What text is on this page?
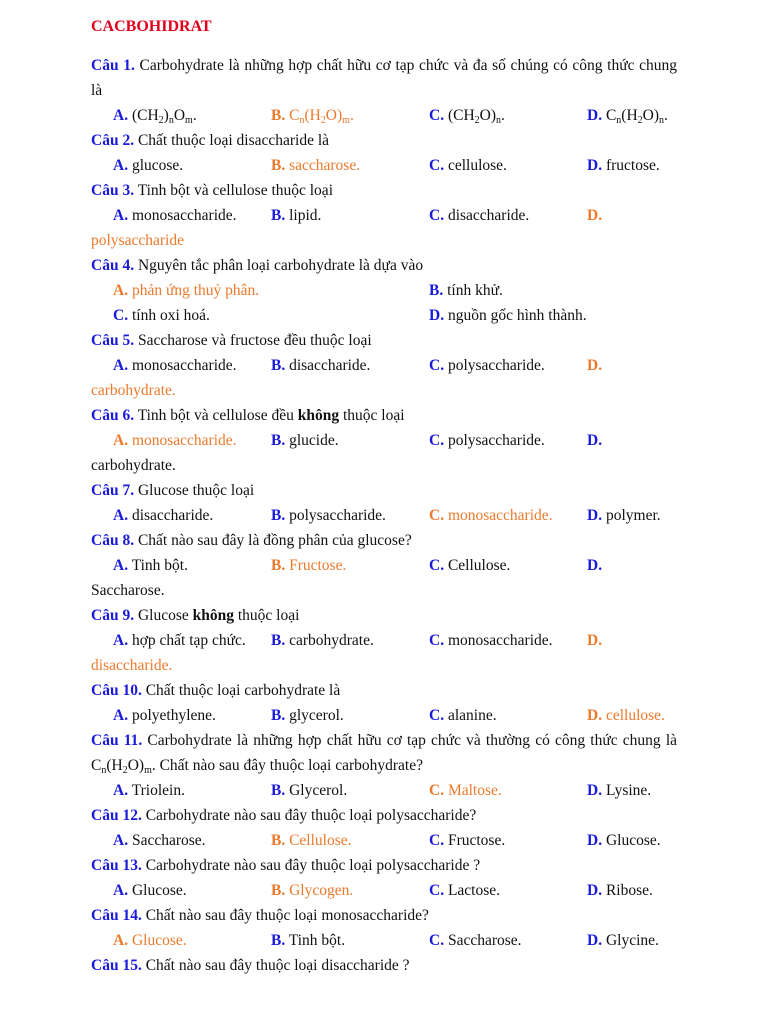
CACBOHIDRAT
Câu 1. Carbohydrate là những hợp chất hữu cơ tạp chức và đa số chúng có công thức chung là
A. $(CH_2)_nO_m$.	B. $C_n(H_2O)_m$.	C. $(CH_2O)_n$.	D. $C_n(H_2O)_n$.
Câu 2. Chất thuộc loại disaccharide là
A. glucose.	B. saccharose.	C. cellulose.	D. fructose.
Câu 3. Tinh bột và cellulose thuộc loại
A. monosaccharide. B. lipid.	C. disaccharide.	D.
polysaccharide
Câu 4. Nguyên tắc phân loại carbohydrate là dựa vào
A. phản ứng thuỷ phân.	B. tính khử.
C. tính oxi hoá.	D. nguồn gốc hình thành.
Câu 5. Saccharose và fructose đều thuộc loại
A. monosaccharide. B. disaccharide.	C. polysaccharide.	D.
carbohydrate.
Câu 6. Tinh bột và cellulose đều không thuộc loại
A. monosaccharide. B. glucide.	C. polysaccharide.	D.
carbohydrate.
Câu 7. Glucose thuộc loại
A. disaccharide.	B. polysaccharide.	C. monosaccharide. D. polymer.
Câu 8. Chất nào sau đây là đồng phân của glucose?
A. Tinh bột.	B. Fructose.	C. Cellulose.	D.
Saccharose.
Câu 9. Glucose không thuộc loại
A. hợp chất tạp chức. B. carbohydrate.	C. monosaccharide. D.
disaccharide.
Câu 10. Chất thuộc loại carbohydrate là
A. polyethylene.	B. glycerol.	C. alanine.	D. cellulose.
Câu 11. Carbohydrate là những hợp chất hữu cơ tạp chức và thường có công thức chung là $C_n(H_2O)_m$. Chất nào sau đây thuộc loại carbohydrate?
A. Triolein.	B. Glycerol.	C. Maltose.	D. Lysine.
Câu 12. Carbohydrate nào sau đây thuộc loại polysaccharide?
A. Saccharose.	B. Cellulose.	C. Fructose.	D. Glucose.
Câu 13. Carbohydrate nào sau đây thuộc loại polysaccharide ?
A. Glucose.	B. Glycogen.	C. Lactose.	D. Ribose.
Câu 14. Chất nào sau đây thuộc loại monosaccharide?
A. Glucose.	B. Tinh bột.	C. Saccharose.	D. Glycine.
Câu 15. Chất nào sau đây thuộc loại disaccharide ?
